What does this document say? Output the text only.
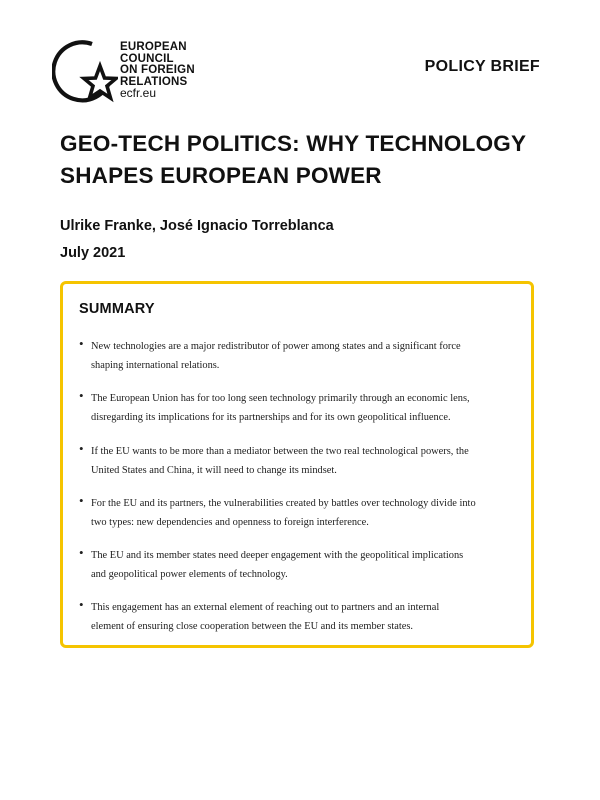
EUROPEAN
COUNCIL
ON FOREIGN
RELATIONS
ecfr.eu
POLICY BRIEF
GEO-TECH POLITICS: WHY TECHNOLOGY
SHAPES EUROPEAN POWER
Ulrike Franke, José Ignacio Torreblanca
July 2021
SUMMARY
• New technologies are a major redistributor of power among states and a significant force
shaping international relations.
• The European Union has for too long seen technology primarily through an economic lens,
disregarding its implications for its partnerships and for its own geopolitical influence.
• If the EU wants to be more than a mediator between the two real technological powers, the
United States and China, it will need to change its mindset.
• For the EU and its partners, the vulnerabilities created by battles over technology divide into
two types: new dependencies and openness to foreign interference.
• The EU and its member states need deeper engagement with the geopolitical implications
and geopolitical power elements of technology.
• This engagement has an external element of reaching out to partners and an internal
element of ensuring close cooperation between the EU and its member states.
